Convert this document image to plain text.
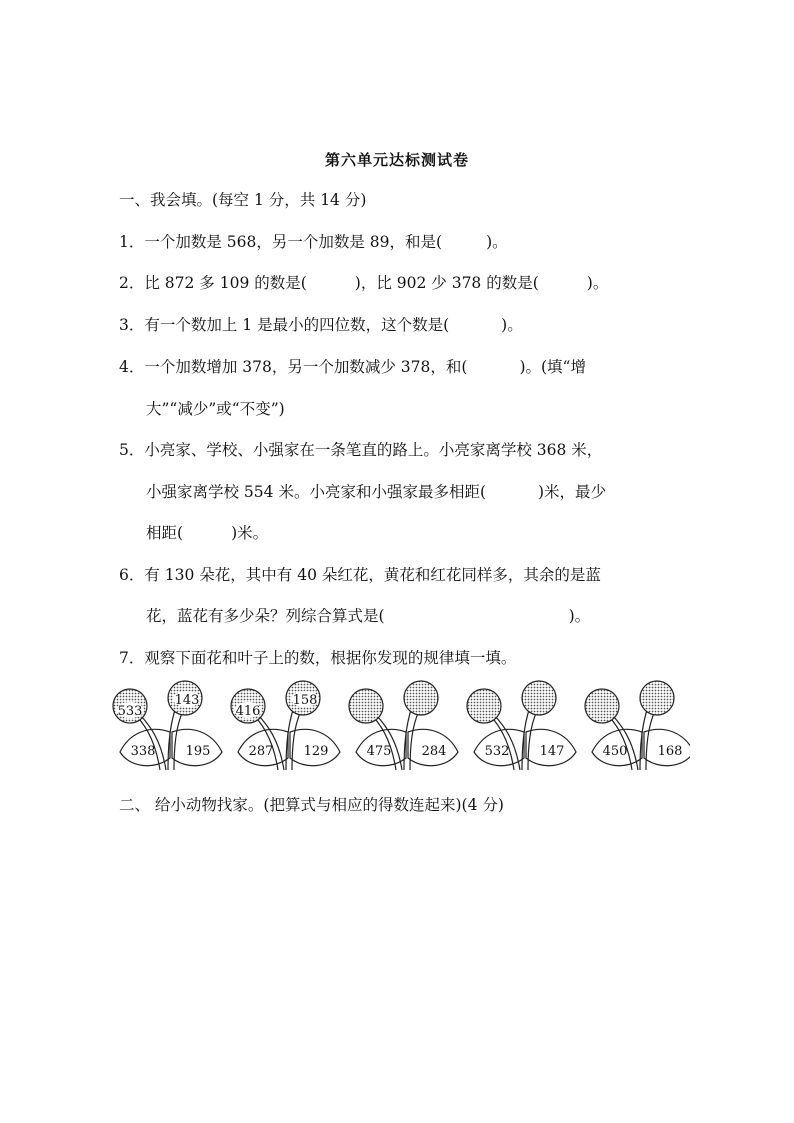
第六单元达标测试卷
一、我会填。(每空 1 分，共 14 分)
1．一个加数是 568，另一个加数是 89，和是(	)。
2．比 872 多 109 的数是(	)，比 902 少 378 的数是(	)。
3．有一个数加上 1 是最小的四位数，这个数是(	)。
4．一个加数增加 378，另一个加数减少 378，和(	)。(填“增
大”“减少”或“不变”)
5．小亮家、学校、小强家在一条笔直的路上。小亮家离学校 368 米，
小强家离学校 554 米。小亮家和小强家最多相距(	)米，最少
相距(	)米。
6．有 130 朵花，其中有 40 朵红花，黄花和红花同样多，其余的是蓝
花，蓝花有多少朵？列综合算式是(	)。
7．观察下面花和叶子上的数，根据你发现的规律填一填。
533
143
338 195
416
158
287 129	475 284	532 147	450 168
二、 给小动物找家。(把算式与相应的得数连起来)(4 分)
